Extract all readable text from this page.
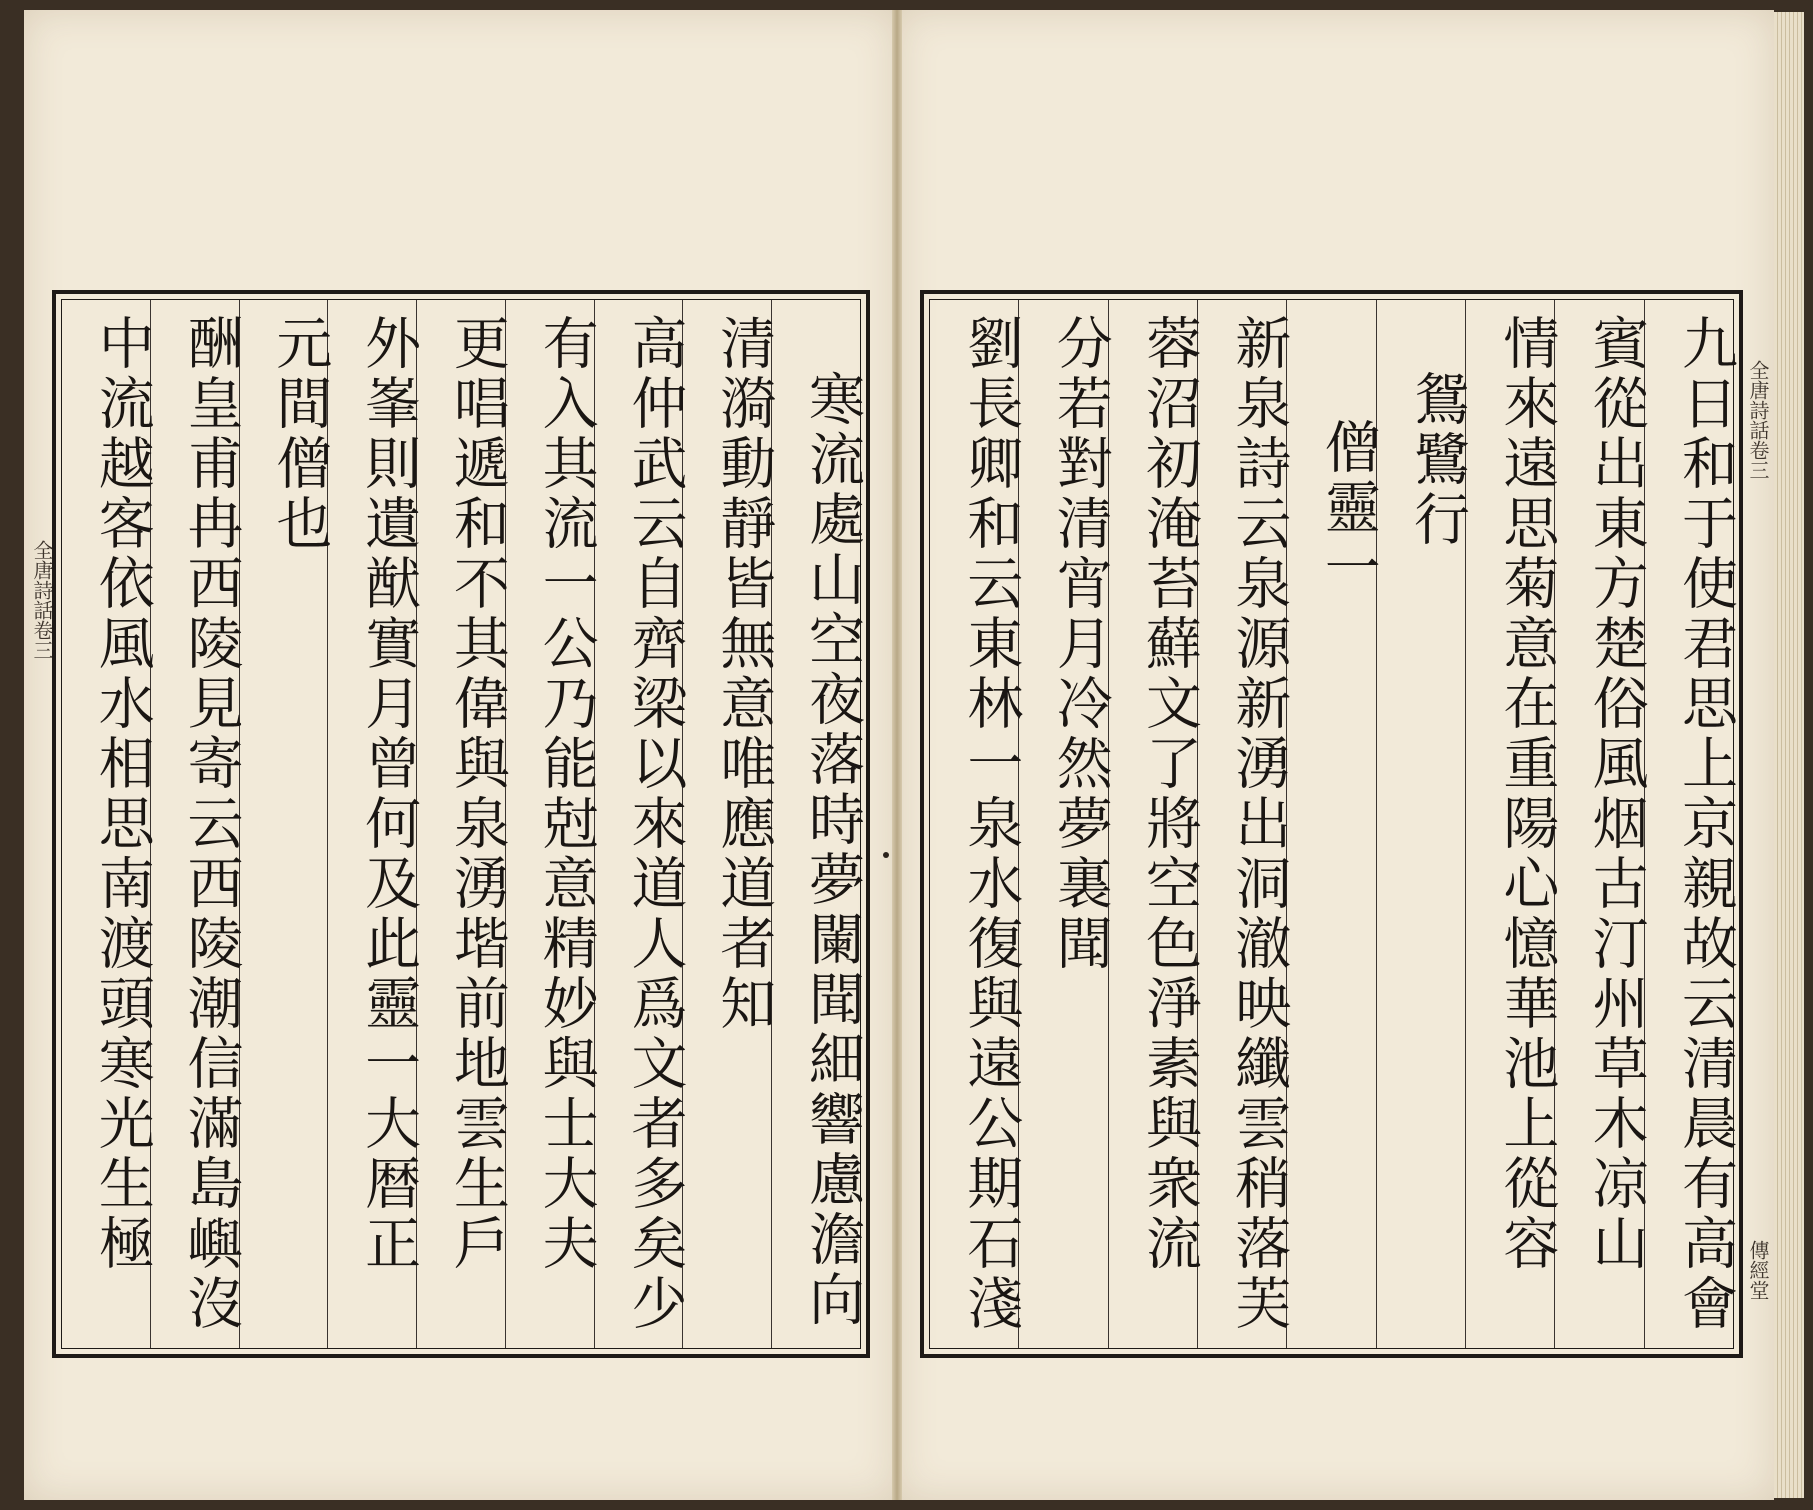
全唐詩話卷三
全唐詩話卷三
傳經堂
寒流處山空夜落時夢闌聞細響慮澹向
清漪動靜皆無意唯應道者知
高仲武云自齊梁以來道人爲文者多矣少
有入其流一公乃能尅意精妙與士大夫
更唱遞和不其偉與泉湧堦前地雲生戶
外峯則遺猷實月曾何及此靈一大暦正
元間僧也
酬皇甫冉西陵見寄云西陵潮信滿島嶼沒
中流越客依風水相思南渡頭寒光生極	九日和于使君思上京親故云清晨有高會
賓從出東方楚俗風烟古汀州草木凉山
情來遠思菊意在重陽心憶華池上從容
鴛鷺行
僧靈一
新泉詩云泉源新湧出洞澈映纖雲稍落芙
蓉沼初淹苔蘚文了將空色淨素與衆流
分若對清宵月冷然夢裏聞
劉長卿和云東林一泉水復與遠公期石淺
